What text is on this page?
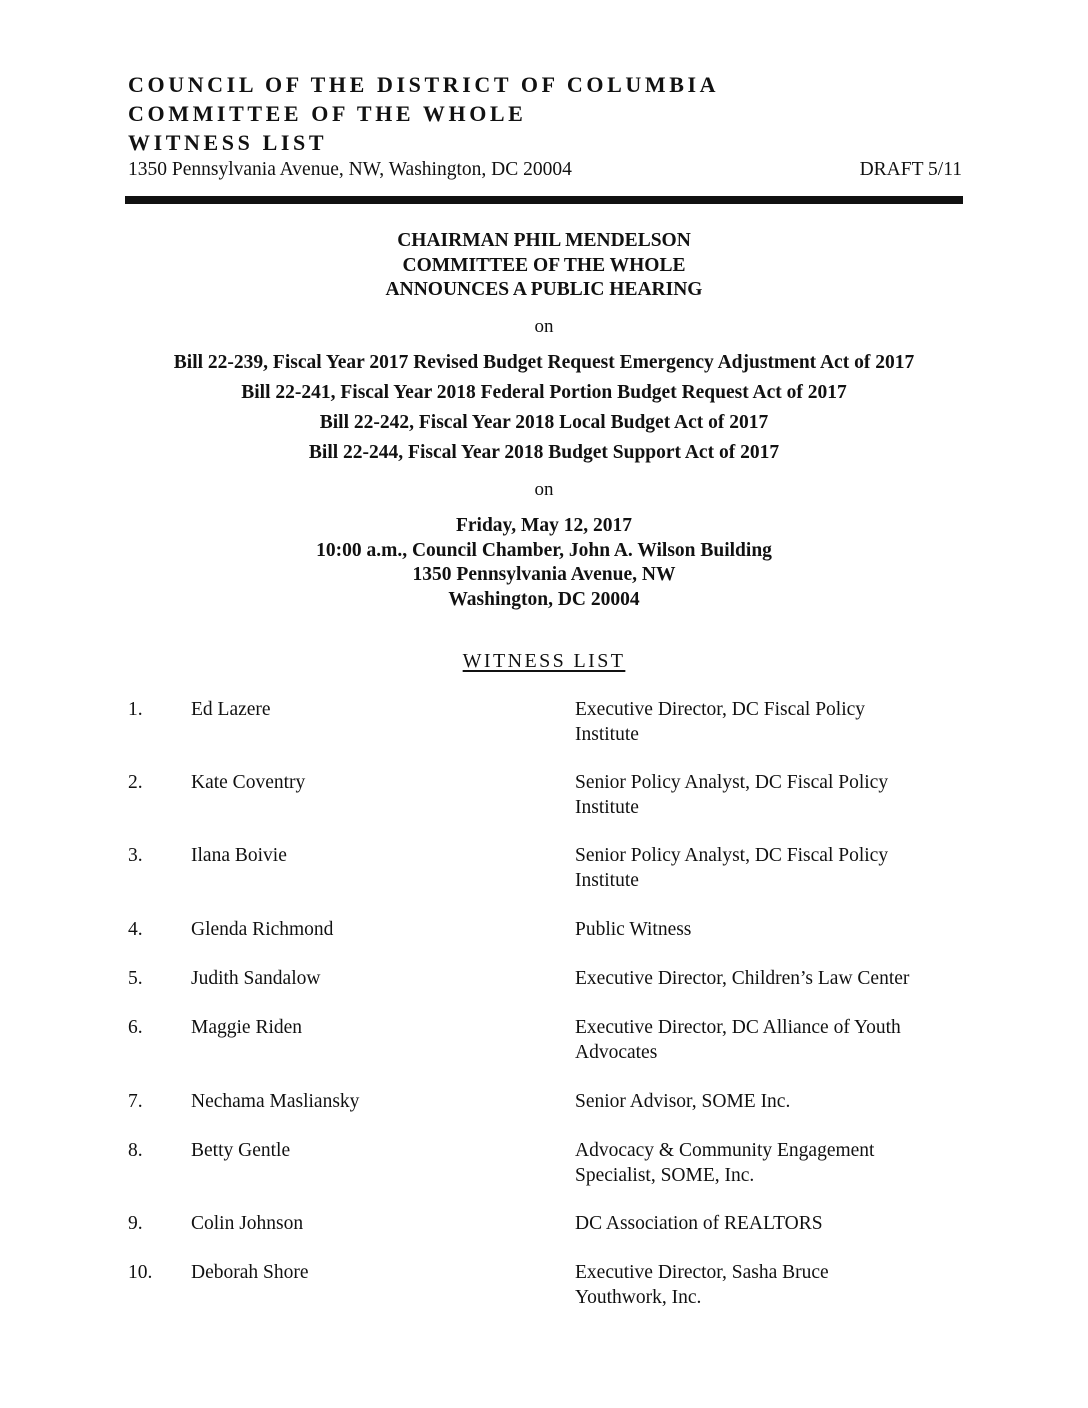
COUNCIL OF THE DISTRICT OF COLUMBIA
COMMITTEE OF THE WHOLE
WITNESS LIST
1350 Pennsylvania Avenue, NW, Washington, DC 20004	DRAFT 5/11
CHAIRMAN PHIL MENDELSON
COMMITTEE OF THE WHOLE
ANNOUNCES A PUBLIC HEARING
on
Bill 22-239, Fiscal Year 2017 Revised Budget Request Emergency Adjustment Act of 2017
Bill 22-241, Fiscal Year 2018 Federal Portion Budget Request Act of 2017
Bill 22-242, Fiscal Year 2018 Local Budget Act of 2017
Bill 22-244, Fiscal Year 2018 Budget Support Act of 2017
on
Friday, May 12, 2017
10:00 a.m., Council Chamber, John A. Wilson Building
1350 Pennsylvania Avenue, NW
Washington, DC 20004
WITNESS LIST
1.	Ed Lazere	Executive Director, DC Fiscal Policy
Institute
2.	Kate Coventry	Senior Policy Analyst, DC Fiscal Policy
Institute
3.	Ilana Boivie	Senior Policy Analyst, DC Fiscal Policy
Institute
4.	Glenda Richmond	Public Witness
5.	Judith Sandalow	Executive Director, Children’s Law Center
6.	Maggie Riden	Executive Director, DC Alliance of Youth
Advocates
7.	Nechama Masliansky	Senior Advisor, SOME Inc.
8.	Betty Gentle	Advocacy & Community Engagement
Specialist, SOME, Inc.
9.	Colin Johnson	DC Association of REALTORS
10.	Deborah Shore	Executive Director, Sasha Bruce
Youthwork, Inc.
